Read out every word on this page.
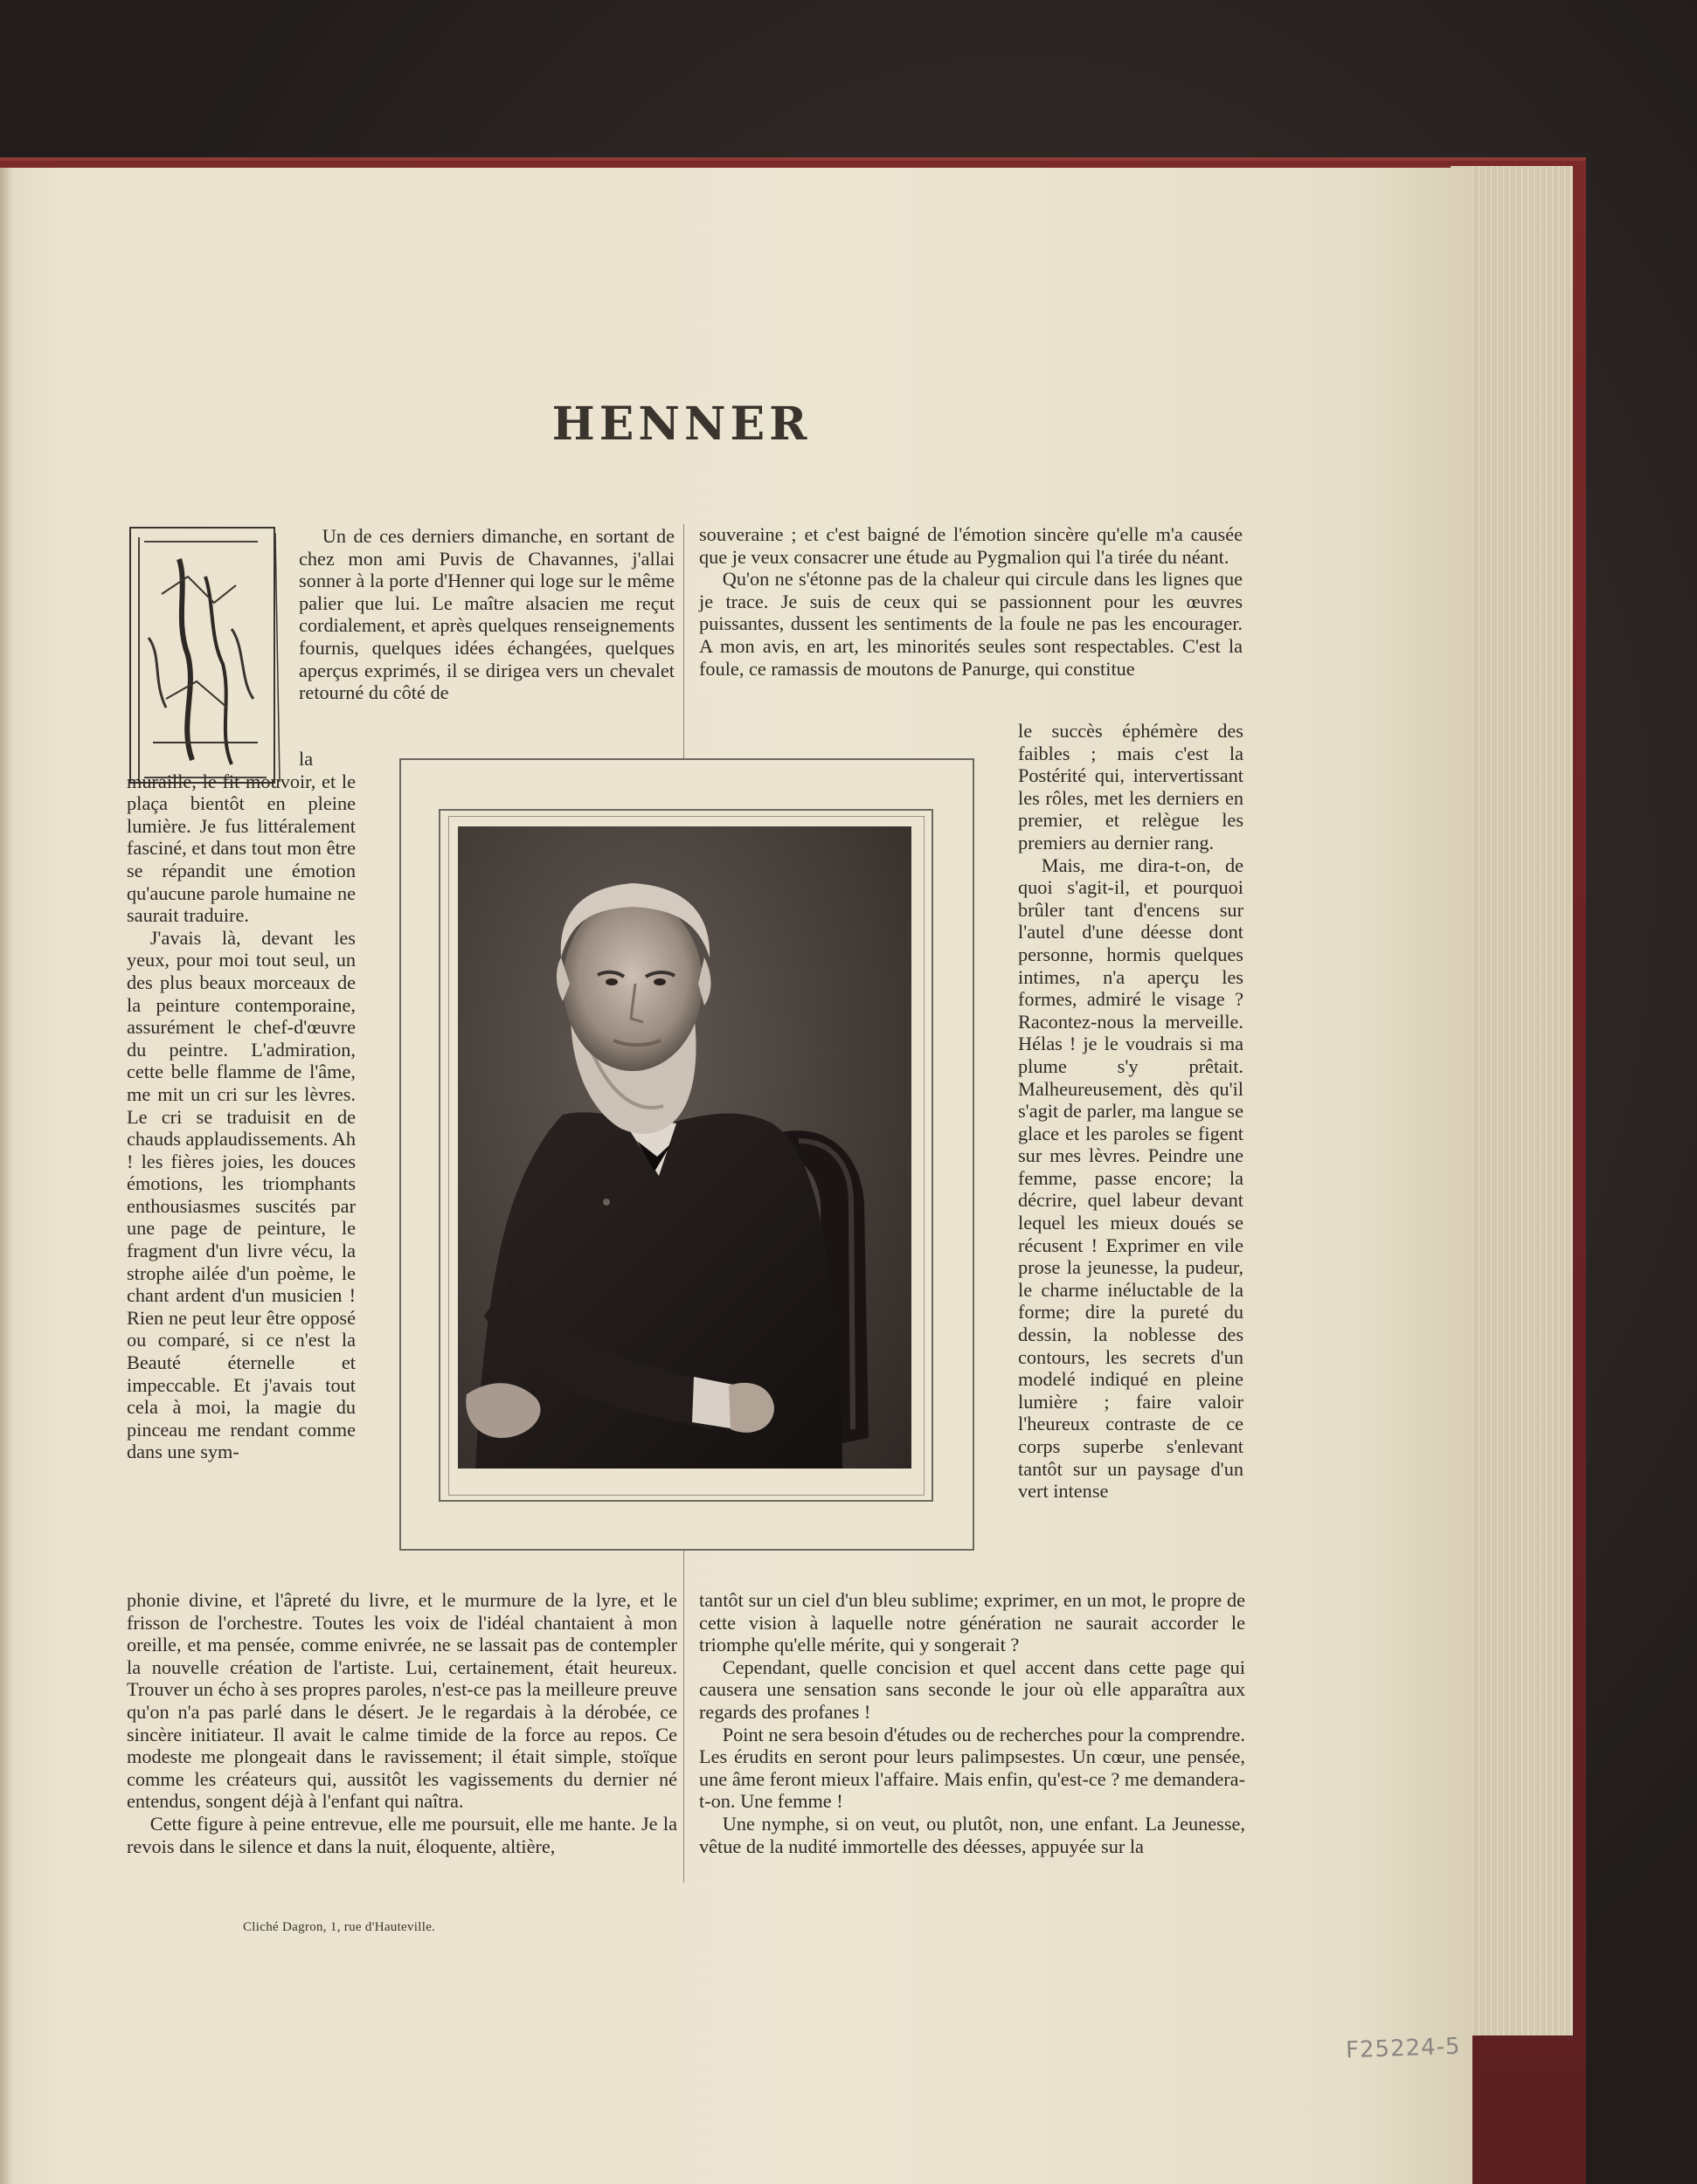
HENNER

Un de ces derniers dimanche, en sortant de chez mon ami Puvis de Chavannes, j'allai sonner à la porte d'Henner qui loge sur le même palier que lui. Le maître alsacien me reçut cordialement, et après quelques renseignements fournis, quelques idées échangées, quelques aperçus exprimés, il se dirigea vers un chevalet retourné du côté de

la muraille, le fit mouvoir, et le plaça bientôt en pleine lumière. Je fus littéralement fasciné, et dans tout mon être se répandit une émotion qu'aucune parole humaine ne saurait traduire.

J'avais là, devant les yeux, pour moi tout seul, un des plus beaux morceaux de la peinture contemporaine, assurément le chef-d'œuvre du peintre. L'admiration, cette belle flamme de l'âme, me mit un cri sur les lèvres. Le cri se traduisit en de chauds applaudissements. Ah ! les fières joies, les douces émotions, les triomphants enthousiasmes suscités par une page de peinture, le fragment d'un livre vécu, la strophe ailée d'un poème, le chant ardent d'un musicien ! Rien ne peut leur être opposé ou comparé, si ce n'est la Beauté éternelle et impeccable. Et j'avais tout cela à moi, la magie du pinceau me rendant comme dans une sym-

phonie divine, et l'âpreté du livre, et le murmure de la lyre, et le frisson de l'orchestre. Toutes les voix de l'idéal chantaient à mon oreille, et ma pensée, comme enivrée, ne se lassait pas de contempler la nouvelle création de l'artiste. Lui, certainement, était heureux. Trouver un écho à ses propres paroles, n'est-ce pas la meilleure preuve qu'on n'a pas parlé dans le désert. Je le regardais à la dérobée, ce sincère initiateur. Il avait le calme timide de la force au repos. Ce modeste me plongeait dans le ravissement; il était simple, stoïque comme les créateurs qui, aussitôt les vagissements du dernier né entendus, songent déjà à l'enfant qui naîtra.

Cette figure à peine entrevue, elle me poursuit, elle me hante. Je la revois dans le silence et dans la nuit, éloquente, altière,

souveraine ; et c'est baigné de l'émotion sincère qu'elle m'a causée que je veux consacrer une étude au Pygmalion qui l'a tirée du néant.

Qu'on ne s'étonne pas de la chaleur qui circule dans les lignes que je trace. Je suis de ceux qui se passionnent pour les œuvres puissantes, dussent les sentiments de la foule ne pas les encourager. A mon avis, en art, les minorités seules sont respectables. C'est la foule, ce ramassis de moutons de Panurge, qui constitue

le succès éphémère des faibles ; mais c'est la Postérité qui, intervertissant les rôles, met les derniers en premier, et relègue les premiers au dernier rang.

Mais, me dira-t-on, de quoi s'agit-il, et pourquoi brûler tant d'encens sur l'autel d'une déesse dont personne, hormis quelques intimes, n'a aperçu les formes, admiré le visage ? Racontez-nous la merveille. Hélas ! je le voudrais si ma plume s'y prêtait. Malheureusement, dès qu'il s'agit de parler, ma langue se glace et les paroles se figent sur mes lèvres. Peindre une femme, passe encore; la décrire, quel labeur devant lequel les mieux doués se récusent ! Exprimer en vile prose la jeunesse, la pudeur, le charme inéluctable de la forme; dire la pureté du dessin, la noblesse des contours, les secrets d'un modelé indiqué en pleine lumière ; faire valoir l'heureux contraste de ce corps superbe s'enlevant tantôt sur un paysage d'un vert intense

tantôt sur un ciel d'un bleu sublime; exprimer, en un mot, le propre de cette vision à laquelle notre génération ne saurait accorder le triomphe qu'elle mérite, qui y songerait ?

Cependant, quelle concision et quel accent dans cette page qui causera une sensation sans seconde le jour où elle apparaîtra aux regards des profanes !

Point ne sera besoin d'études ou de recherches pour la comprendre. Les érudits en seront pour leurs palimpsestes. Un cœur, une pensée, une âme feront mieux l'affaire. Mais enfin, qu'est-ce ? me demandera-t-on. Une femme !

Une nymphe, si on veut, ou plutôt, non, une enfant. La Jeunesse, vêtue de la nudité immortelle des déesses, appuyée sur la

Cliché Dagron, 1, rue d'Hauteville.
F25224-5
